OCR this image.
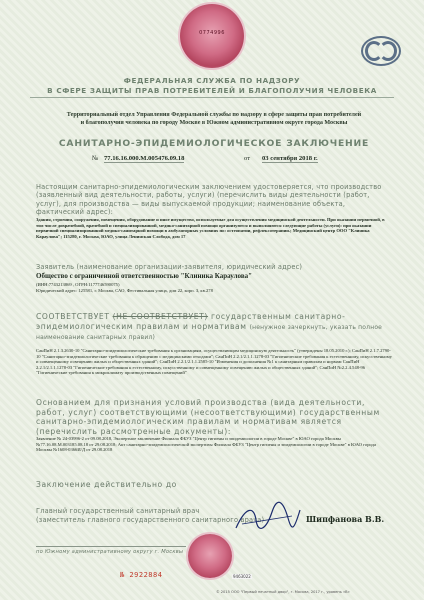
0774996
ФЕДЕРАЛЬНАЯ СЛУЖБА ПО НАДЗОРУ
В СФЕРЕ ЗАЩИТЫ ПРАВ ПОТРЕБИТЕЛЕЙ И БЛАГОПОЛУЧИЯ ЧЕЛОВЕКА
Территориальный отдел Управления Федеральной службы по надзору в сфере защиты прав потребителей
и благополучия человека по городу Москве в Южном административном округе города Москвы
САНИТАРНО-ЭПИДЕМИОЛОГИЧЕСКОЕ ЗАКЛЮЧЕНИЕ
№ 77.16.16.000.М.005476.09.18	от 03 сентября 2018 г.
Настоящим санитарно-эпидемиологическим заключением удостоверяется, что производство (заявленный вид деятельности, работы, услуги) (перечислить виды деятельности (работ, услуг), для производства — виды выпускаемой продукции; наименование объекта, фактический адрес):
Здания, строения, сооружения, помещения, оборудование и иное имущество, используемые для осуществления медицинской деятельности. При оказании первичной, в том числе доврачебной, врачебной и специализированной, медико-санитарной помощи организуются и выполняются следующие работы (услуги): при оказании первичной специализированной медико-санитарной помощи в амбулаторных условиях по: остеопатии, рефлексотерапии.; Медицинский центр ООО "Клиника Караулова"; 115280, г. Москва, ЮАО, улица Ленинская Слобода, дом 17
Заявитель (наименование организации-заявителя, юридический адрес)
Общество с ограниченной ответственностью "Клиника Караулова"
(ИНН:7743213869 , ОГРН:1177746590075)
Юридический адрес: 125581, г. Москва, САО, Фестивальная улица, дом 22, корп. 3, кв.278
СООТВЕТСТВУЕТ (НЕ СООТВЕТСТВУЕТ) государственным санитарно-эпидемиологическим правилам и нормативам (ненужное зачеркнуть, указать полное наименование санитарных правил)
СанПиН 2.1.3.2630-10 "Санитарно-эпидемиологические требования к организациям, осуществляющим медицинскую деятельность" (утверждены 18.05.2010 г.); СанПиН 2.1.7.2790-10 "Санитарно-эпидемиологические требования к обращению с медицинскими отходами"; СанПиН 2.2.1/2.1.1.1278-03 "Гигиенические требования к естественному, искусственному и совмещенному освещению жилых и общественных зданий"; СанПиН 2.2.1/2.1.1.2585-10 "Изменения и дополнения №1 к санитарным правилам и нормам СанПиН 2.2.1/2.1.1.1278-03 "Гигиенические требования к естественному, искусственному и совмещенному освещению жилых и общественных зданий"; СанПиН №2.2.4.548-96 "Гигиенические требования к микроклимату производственных помещений"
Основанием для признания условий производства (вида деятельности, работ, услуг) соответствующими (несоответствующими) государственным санитарно-эпидемиологическим правилам и нормативам является (перечислить рассмотренные документы):
Заявление № 24-03996-2 от 09.08.2018, Экспертное заключение Филиала ФБУЗ "Центр гигиены и эпидемиологии в городе Москве" в ЮАО города Москвы №77.16.08.М.003185.08.18 от 29.08.2018; Акт санитарно-эпидемиологической экспертизы Филиала ФБУЗ "Центр гигиены и эпидемиологии в городе Москве" в ЮАО города Москвы №1608-0366И/Д от 29.08.2018
Заключение действительно до
Главный государственный санитарный врач
(заместитель главного государственного санитарного врача)
по Южному административному округу г. Москвы
Шипфанова В.В.
9463022
№ 2922884
© 2015 ООО "Первый печатный двор", г. Москва, 2017 г., уровень «В»
